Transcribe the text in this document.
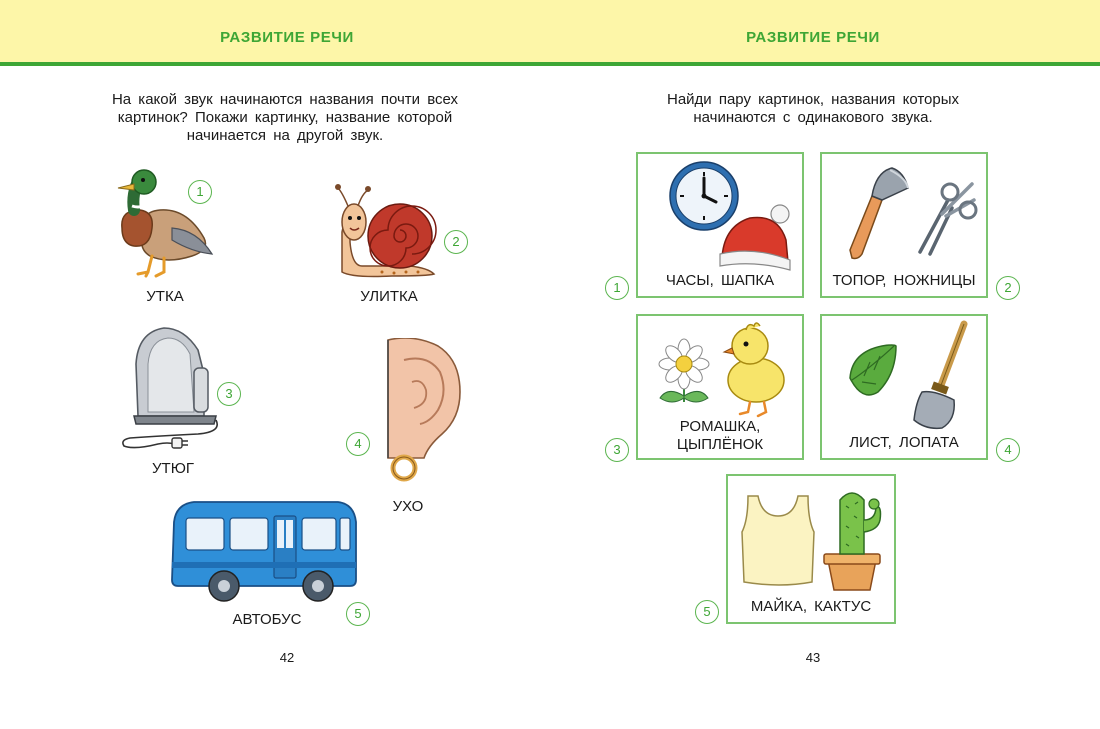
РАЗВИТИЕ РЕЧИ	РАЗВИТИЕ РЕЧИ
На какой звук начинаются названия почти всех
картинок? Покажи картинку, название которой
начинается на другой звук.
УТКА
1
УЛИТКА
2
УТЮГ
3
УХО
4
АВТОБУС	5
42
Найди пару картинок, названия которых
начинаются с одинакового звука.
ЧАСЫ, ШАПКА
1	ТОПОР, НОЖНИЦЫ	2
РОМАШКА,
ЦЫПЛЁНОК
3	ЛИСТ, ЛОПАТА	4
МАЙКА, КАКТУС
5
43
